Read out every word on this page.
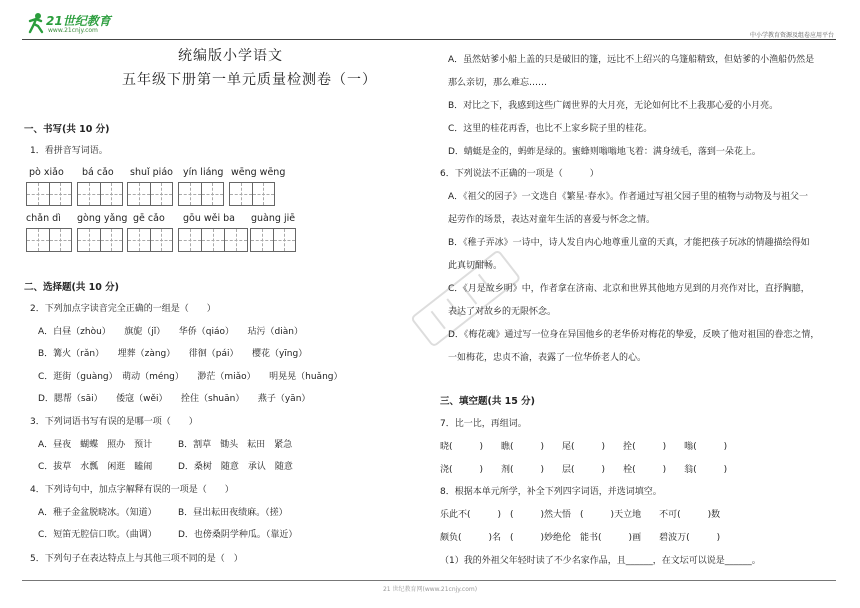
21世纪教育
www.21cnjy.com
中小学教育资源及组卷应用平台
统编版小学语文
五年级下册第一单元质量检测卷（一）
一、书写(共 10 分)
1．看拼音写词语。
pò xiǎo bá cǎo shuǐ piáo yín liáng wēng wēng
chǎn dì gòng yǎng gē cǎo gōu wěi ba guàng jiē
二、选择题(共 10 分)
2．下列加点字读音完全正确的一组是（　　）
A．白昼（zhòu）　　旗旎（jǐ）　　华侨（qiáo）　　玷污（diàn）
B．篝火（rǎn）　　埋葬（zàng）　　徘徊（pái）　　樱花（yīng）
C．逛街（guàng）　萌动（méng）　　渺茫（miǎo）　　明晃晃（huǎng）
D．腮帮（sāi）　　倭寇（wěi）　　拴住（shuān）　　燕子（yān）
3．下列词语书写有误的是哪一项（　　）
A．昼夜　蝴蝶　照办　预计	B．割草　锄头　耘田　紧急
C．拔草　水瓢　闲逛　瞌闹	D．桑树　随意　承认　随意
4．下列诗句中，加点字解释有误的一项是（　　）
A．稚子金盆脱晓冰。（知道） B．昼出耘田夜绩麻。（搓）
C．短笛无腔信口吹。（曲调） D．也傍桑阴学种瓜。（靠近）
5．下列句子在表达特点上与其他三项不同的是（　）
A．虽然姑爹小船上盖的只是破旧的篷，远比不上绍兴的乌篷船精致，但姑爹的小渔船仍然是
那么亲切，那么难忘……
B．对比之下，我感到这些广阔世界的大月亮，无论如何比不上我那心爱的小月亮。
C．这里的桂花再香，也比不上家乡院子里的桂花。
D．蜻蜓是金的，蚂蚱是绿的。蜜蜂则嗡嗡地飞着：满身绒毛，落到一朵花上。
6．下列说法不正确的一项是（　　　）
A．《祖父的园子》一文选自《繁星·春水》。作者通过写祖父园子里的植物与动物及与祖父一
起劳作的场景，表达对童年生活的喜爱与怀念之情。
B．《稚子弄冰》一诗中，诗人发自内心地尊重儿童的天真，才能把孩子玩冰的情趣描绘得如
此真切酣畅。
C．《月是故乡明》中，作者拿在济南、北京和世界其他地方见到的月亮作对比，直抒胸臆，
表达了对故乡的无限怀念。
D．《梅花魂》通过写一位身在异国他乡的老华侨对梅花的挚爱，反映了他对祖国的眷恋之情，
一如梅花，忠贞不渝，表露了一位华侨老人的心。
三、填空题(共 15 分)
7．比一比，再组词。
晓(　　　)　　瞧(　　　)　　尾(　　　)　　拴(　　　)　　嗡(　　　)
浇(　　　)　　剂(　　　)　　层(　　　)　　栓(　　　)　　翁(　　　)
8．根据本单元所学，补全下列四字词语，并选词填空。
乐此不(　　　)　(　　　)然大悟　(　　　)天立地　　不可(　　　)数
颇负(　　　)名　(　　　)妙绝伦　能书(　　　)画　　碧波万(　　　)
（1）我的外祖父年轻时读了不少名家作品，且______，在文坛可以说是______。
21 世纪教育网(www.21cnjy.com)
